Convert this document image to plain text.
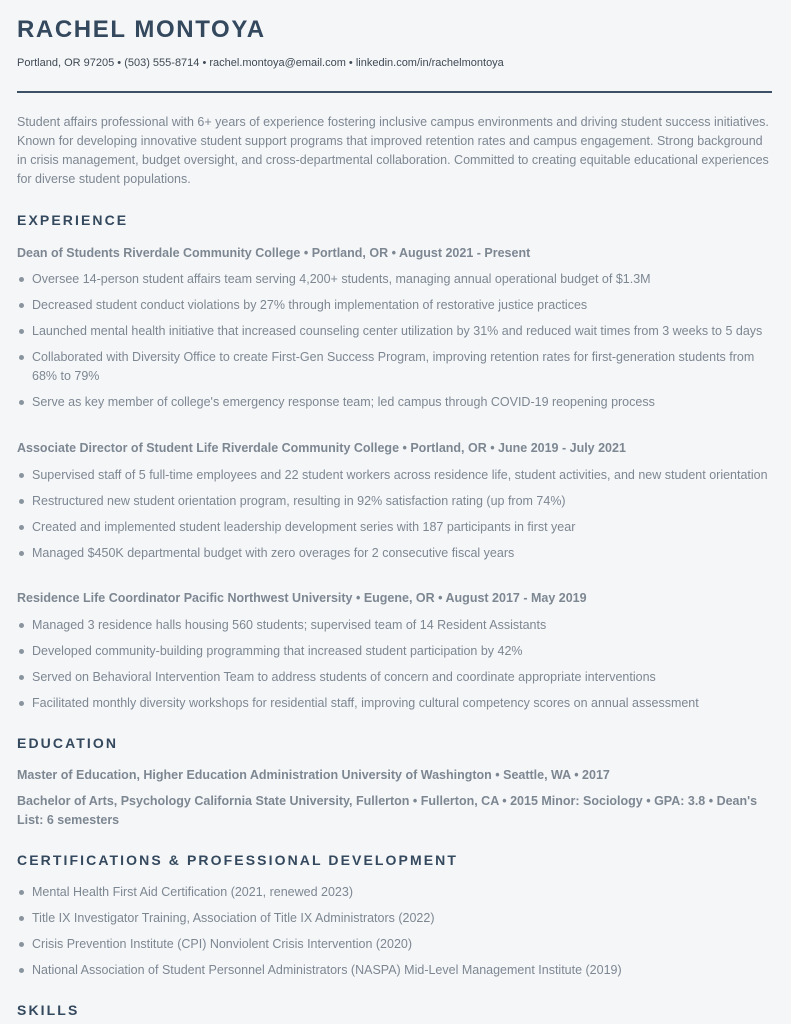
RACHEL MONTOYA
Portland, OR 97205 • (503) 555-8714 • rachel.montoya@email.com • linkedin.com/in/rachelmontoya

Student affairs professional with 6+ years of experience fostering inclusive campus environments and driving student success initiatives. Known for developing innovative student support programs that improved retention rates and campus engagement. Strong background in crisis management, budget oversight, and cross-departmental collaboration. Committed to creating equitable educational experiences for diverse student populations.

EXPERIENCE

Dean of Students Riverdale Community College • Portland, OR • August 2021 - Present

Oversee 14-person student affairs team serving 4,200+ students, managing annual operational budget of $1.3M
Decreased student conduct violations by 27% through implementation of restorative justice practices
Launched mental health initiative that increased counseling center utilization by 31% and reduced wait times from 3 weeks to 5 days
Collaborated with Diversity Office to create First-Gen Success Program, improving retention rates for first-generation students from 68% to 79%
Serve as key member of college's emergency response team; led campus through COVID-19 reopening process

Associate Director of Student Life Riverdale Community College • Portland, OR • June 2019 - July 2021

Supervised staff of 5 full-time employees and 22 student workers across residence life, student activities, and new student orientation
Restructured new student orientation program, resulting in 92% satisfaction rating (up from 74%)
Created and implemented student leadership development series with 187 participants in first year
Managed $450K departmental budget with zero overages for 2 consecutive fiscal years

Residence Life Coordinator Pacific Northwest University • Eugene, OR • August 2017 - May 2019

Managed 3 residence halls housing 560 students; supervised team of 14 Resident Assistants
Developed community-building programming that increased student participation by 42%
Served on Behavioral Intervention Team to address students of concern and coordinate appropriate interventions
Facilitated monthly diversity workshops for residential staff, improving cultural competency scores on annual assessment
EDUCATION
Master of Education, Higher Education Administration University of Washington • Seattle, WA • 2017
Bachelor of Arts, Psychology California State University, Fullerton • Fullerton, CA • 2015 Minor: Sociology • GPA: 3.8 • Dean's List: 6 semesters
CERTIFICATIONS & PROFESSIONAL DEVELOPMENT
Mental Health First Aid Certification (2021, renewed 2023)
Title IX Investigator Training, Association of Title IX Administrators (2022)
Crisis Prevention Institute (CPI) Nonviolent Crisis Intervention (2020)
National Association of Student Personnel Administrators (NASPA) Mid-Level Management Institute (2019)
SKILLS
